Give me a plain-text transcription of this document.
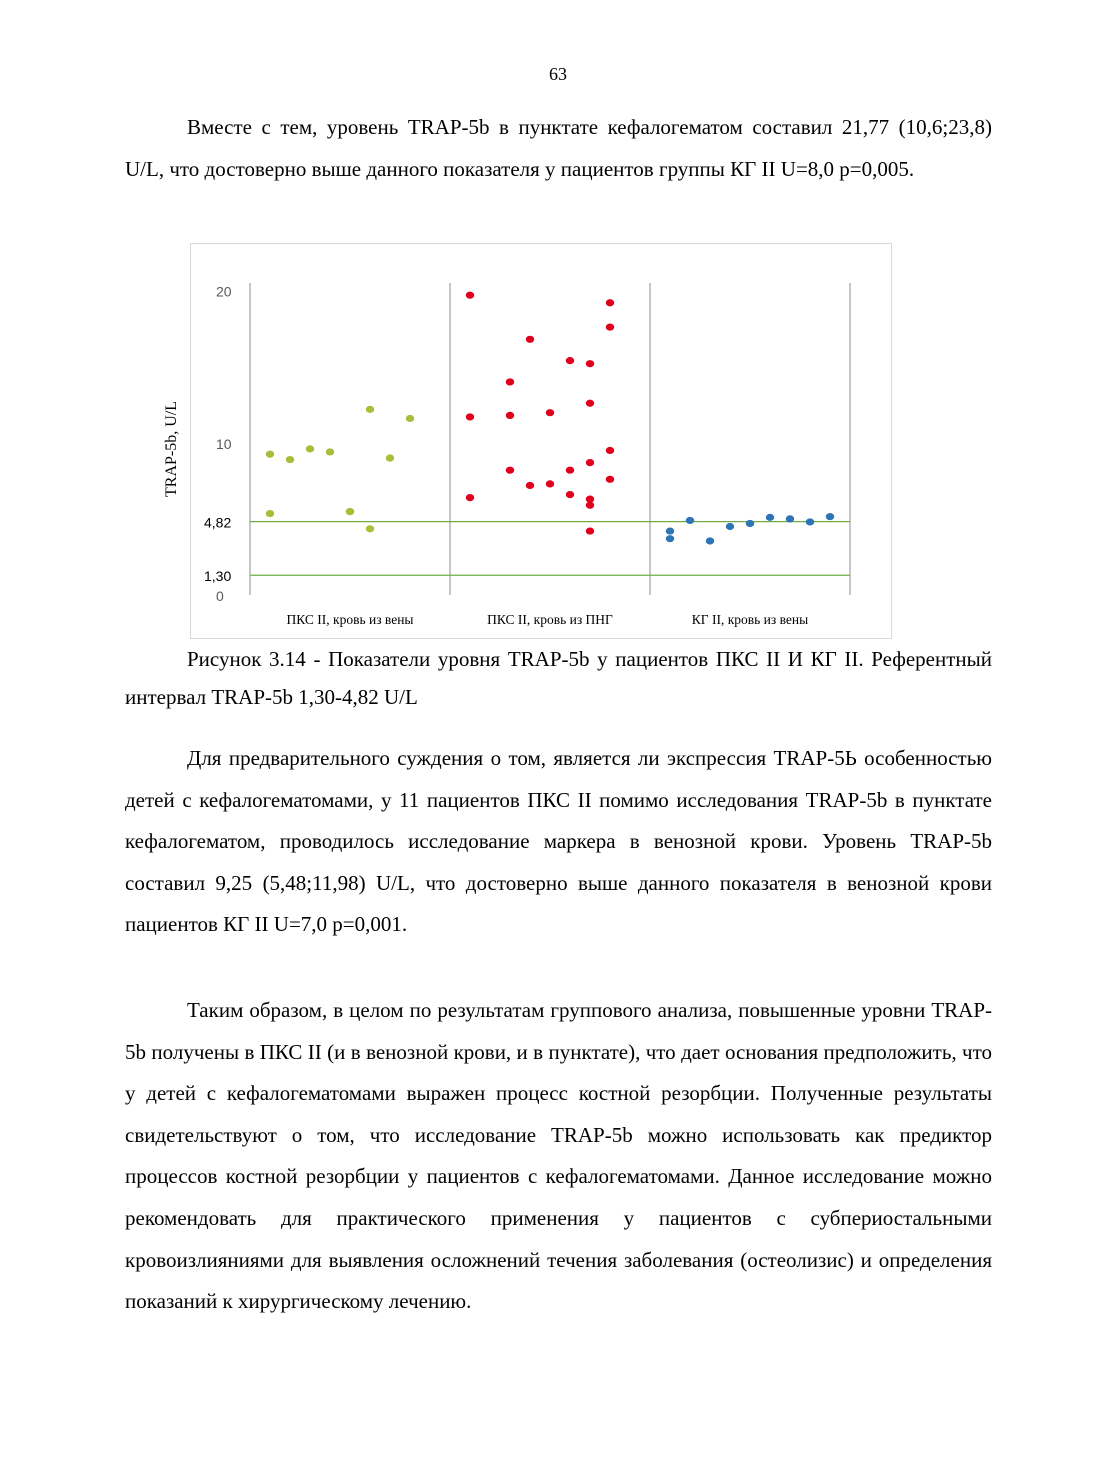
63

Вместе с тем, уровень TRAP-5b в пунктате кефалогематом составил 21,77 (10,6;23,8) U/L, что достоверно выше данного показателя у пациентов группы КГ II U=8,0 p=0,005.

0
10
20
4,82
1,30
TRAP-5b, U/L
ПКС II, кровь из вены	ПКС II, кровь из ПНГ	КГ II, кровь из вены

Рисунок 3.14 - Показатели уровня TRAP-5b у пациентов ПКС II И КГ II. Референтный интервал TRAP-5b 1,30-4,82 U/L

Для предварительного суждения о том, является ли экспрессия TRAP-5Ь особенностью детей с кефалогематомами, у 11 пациентов ПКС II помимо исследования TRAP-5b в пунктате кефалогематом, проводилось исследование маркера в венозной крови. Уровень TRAP-5b составил 9,25 (5,48;11,98) U/L, что достоверно выше данного показателя в венозной крови пациентов КГ II U=7,0 p=0,001.

Таким образом, в целом по результатам группового анализа, повышенные уровни TRAP-5b получены в ПКС II (и в венозной крови, и в пунктате), что дает основания предположить, что у детей с кефалогематомами выражен процесс костной резорбции. Полученные результаты свидетельствуют о том, что исследование TRAP-5b можно использовать как предиктор процессов костной резорбции у пациентов с кефалогематомами. Данное исследование можно рекомендовать для практического применения у пациентов с субпериостальными кровоизлияниями для выявления осложнений течения заболевания (остеолизис) и определения показаний к хирургическому лечению.
